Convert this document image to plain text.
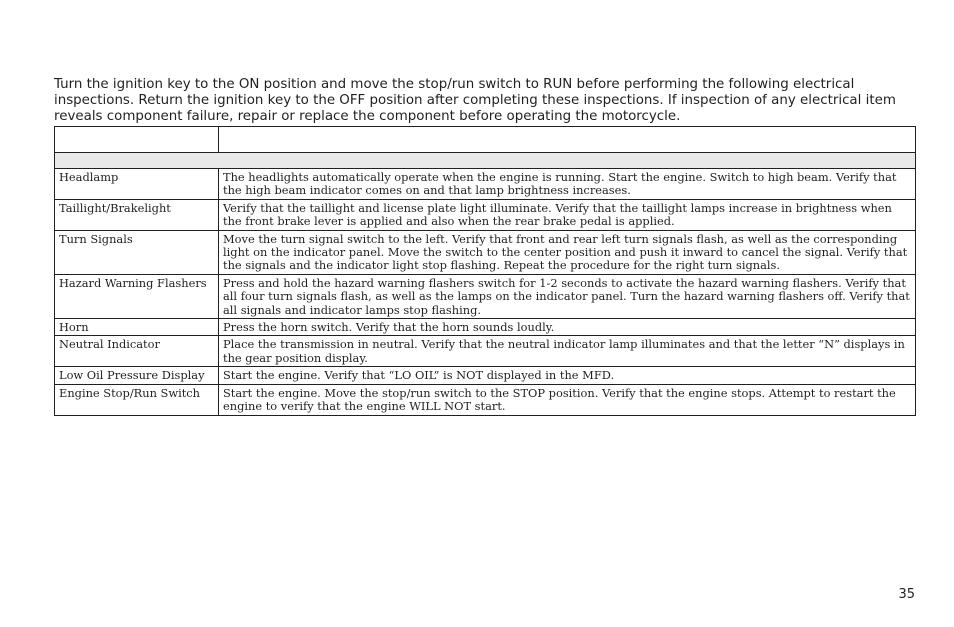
Turn the ignition key to the ON position and move the stop/run switch to RUN before performing the following electrical inspections. Return the ignition key to the OFF position after completing these inspections. If inspection of any electrical item reveals component failure, repair or replace the component before operating the motorcycle.

Headlamp	The headlights automatically operate when the engine is running. Start the engine. Switch to high beam. Verify that the high beam indicator comes on and that lamp brightness increases.
Taillight/Brakelight	Verify that the taillight and license plate light illuminate. Verify that the taillight lamps increase in brightness when the front brake lever is applied and also when the rear brake pedal is applied.
Turn Signals	Move the turn signal switch to the left. Verify that front and rear left turn signals flash, as well as the corresponding light on the indicator panel. Move the switch to the center position and push it inward to cancel the signal. Verify that the signals and the indicator light stop flashing. Repeat the procedure for the right turn signals.
Hazard Warning Flashers	Press and hold the hazard warning flashers switch for 1-2 seconds to activate the hazard warning flashers. Verify that all four turn signals flash, as well as the lamps on the indicator panel. Turn the hazard warning flashers off. Verify that all signals and indicator lamps stop flashing.
Horn	Press the horn switch. Verify that the horn sounds loudly.
Neutral Indicator	Place the transmission in neutral. Verify that the neutral indicator lamp illuminates and that the letter “N” displays in the gear position display.
Low Oil Pressure Display	Start the engine. Verify that “LO OIL” is NOT displayed in the MFD.
Engine Stop/Run Switch	Start the engine. Move the stop/run switch to the STOP position. Verify that the engine stops. Attempt to restart the engine to verify that the engine WILL NOT start.
35
